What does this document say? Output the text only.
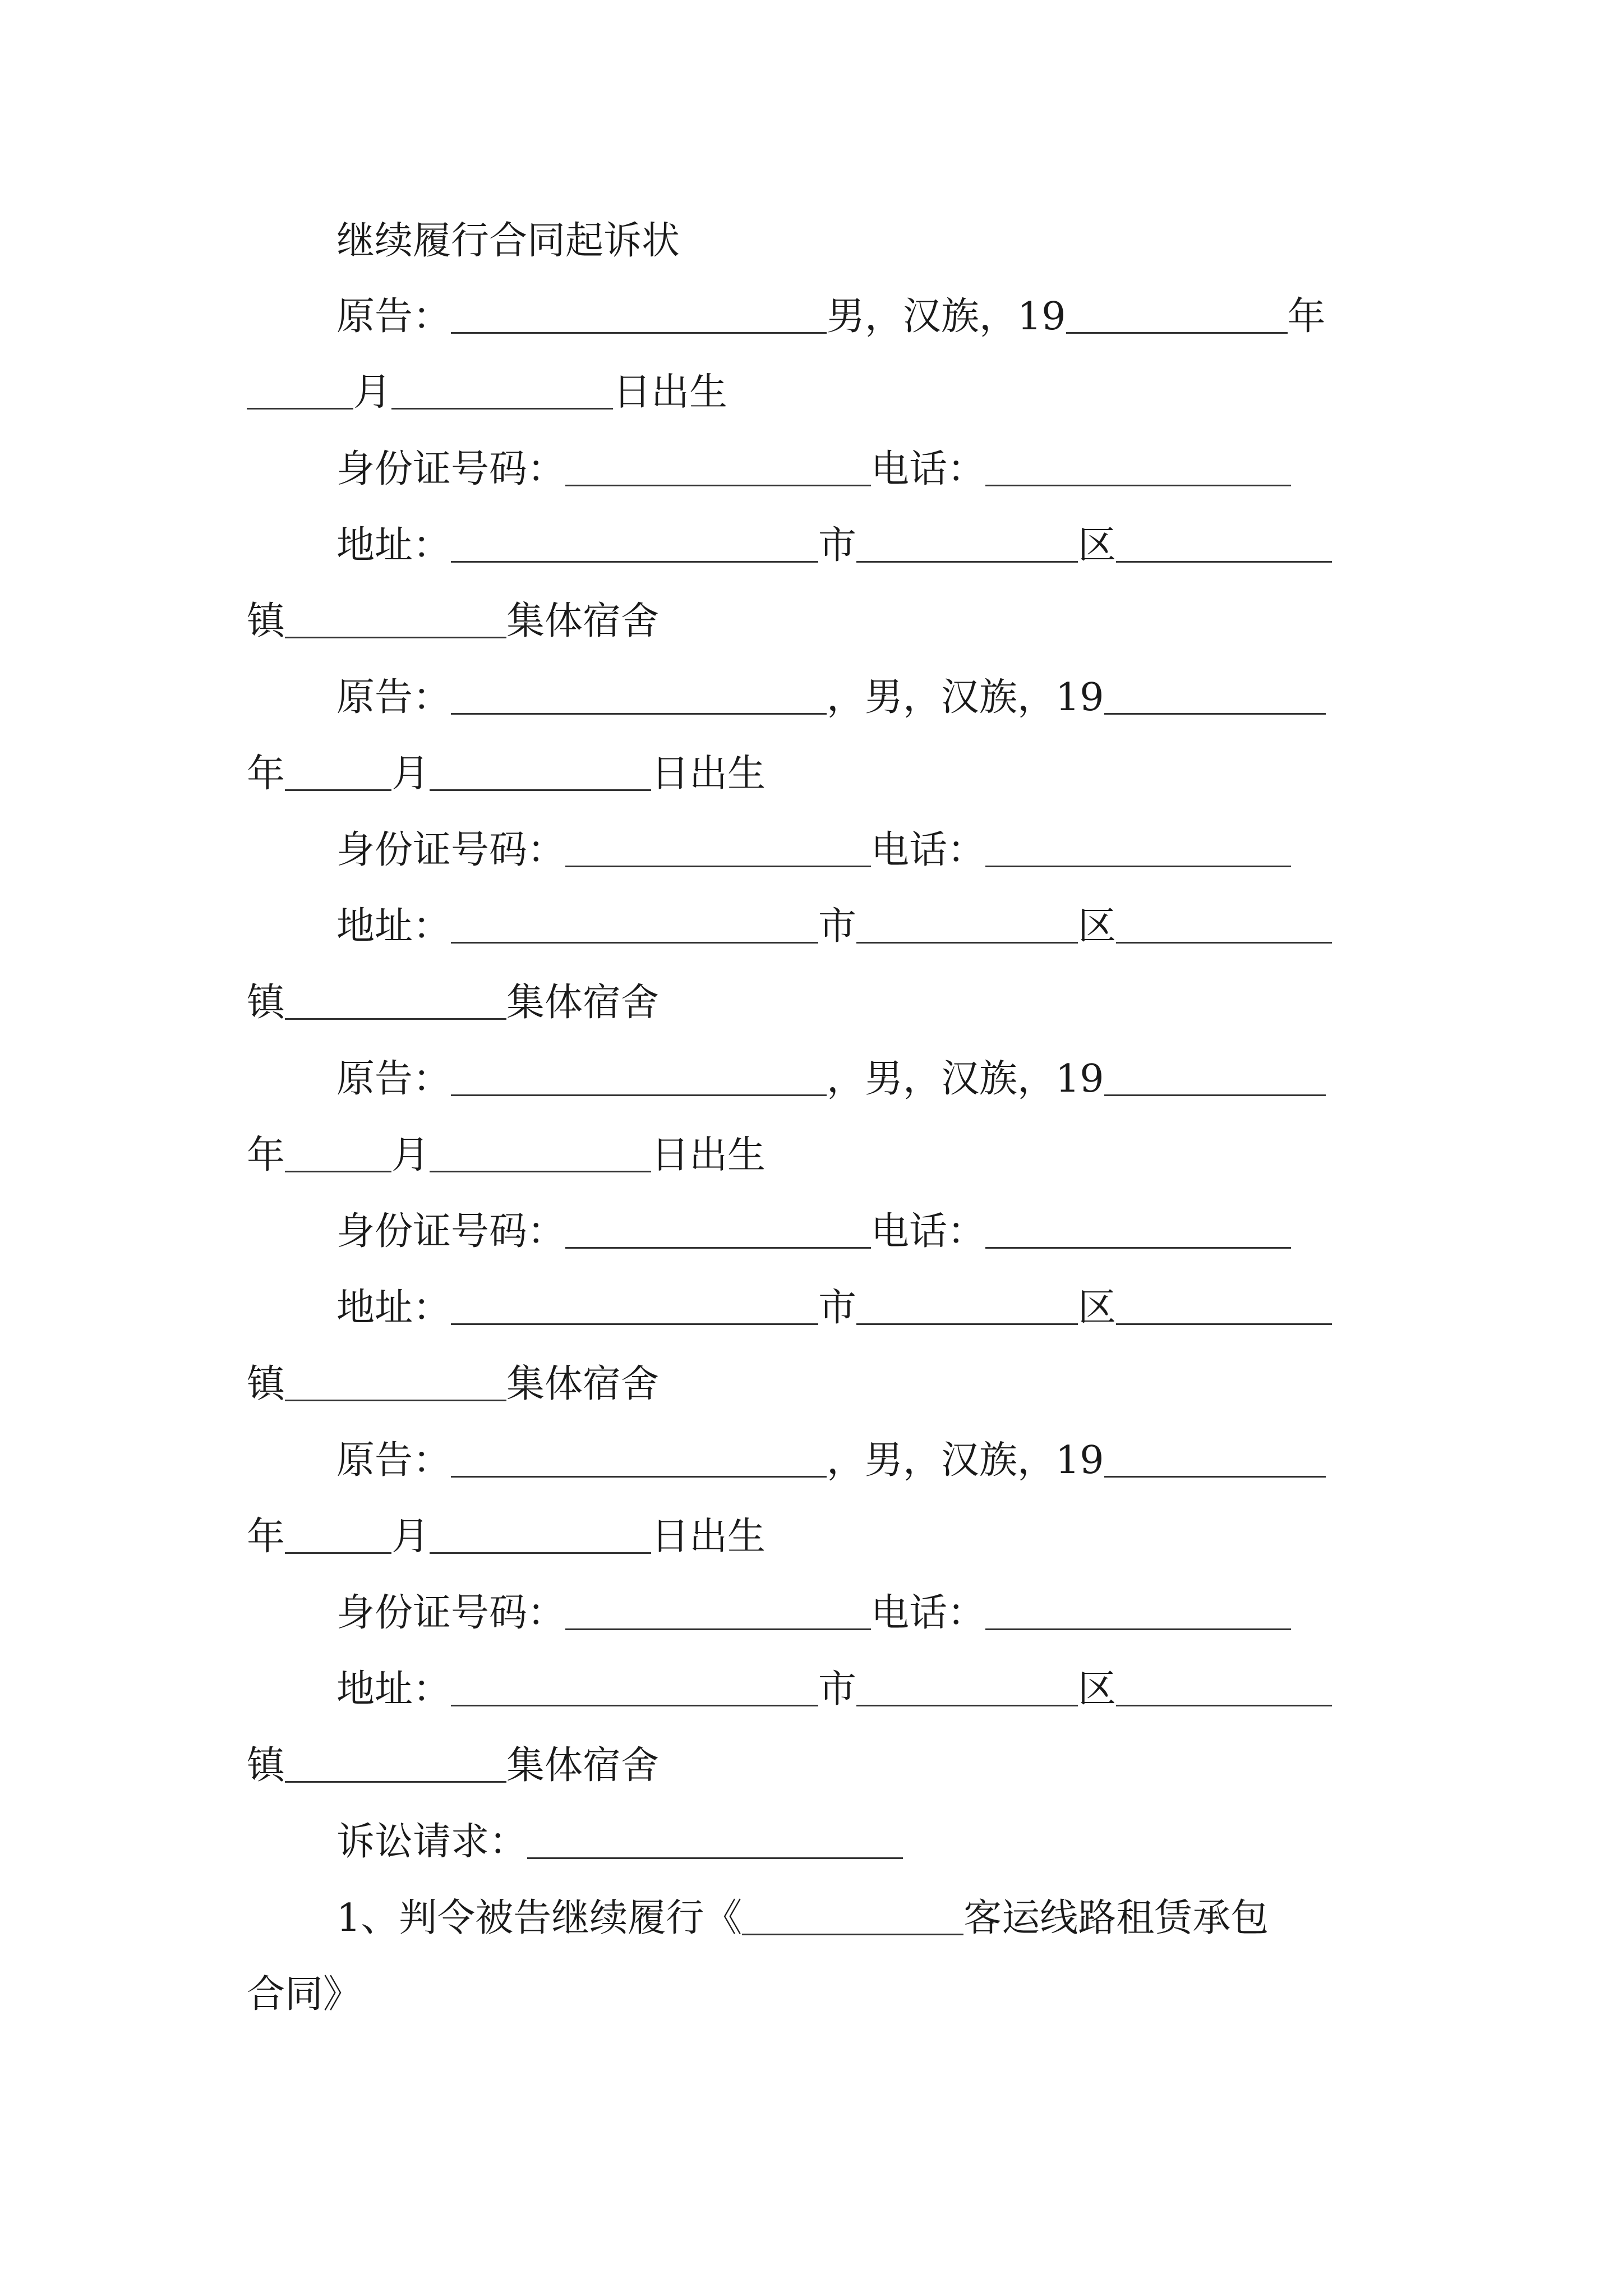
继续履行合同起诉状
原告：	男，汉族，19	年
月	日出生
身份证号码：	电话：
地址：	市	区
镇	集体宿舍
原告：	，男，汉族，19
年	月	日出生
身份证号码：	电话：
地址：	市	区
镇	集体宿舍
原告：	，男，汉族，19
年	月	日出生
身份证号码：	电话：
地址：	市	区
镇	集体宿舍
原告：	，男，汉族，19
年	月	日出生
身份证号码：	电话：
地址：	市	区
镇	集体宿舍
诉讼请求：
1、判令被告继续履行《	客运线路租赁承包
合同》
